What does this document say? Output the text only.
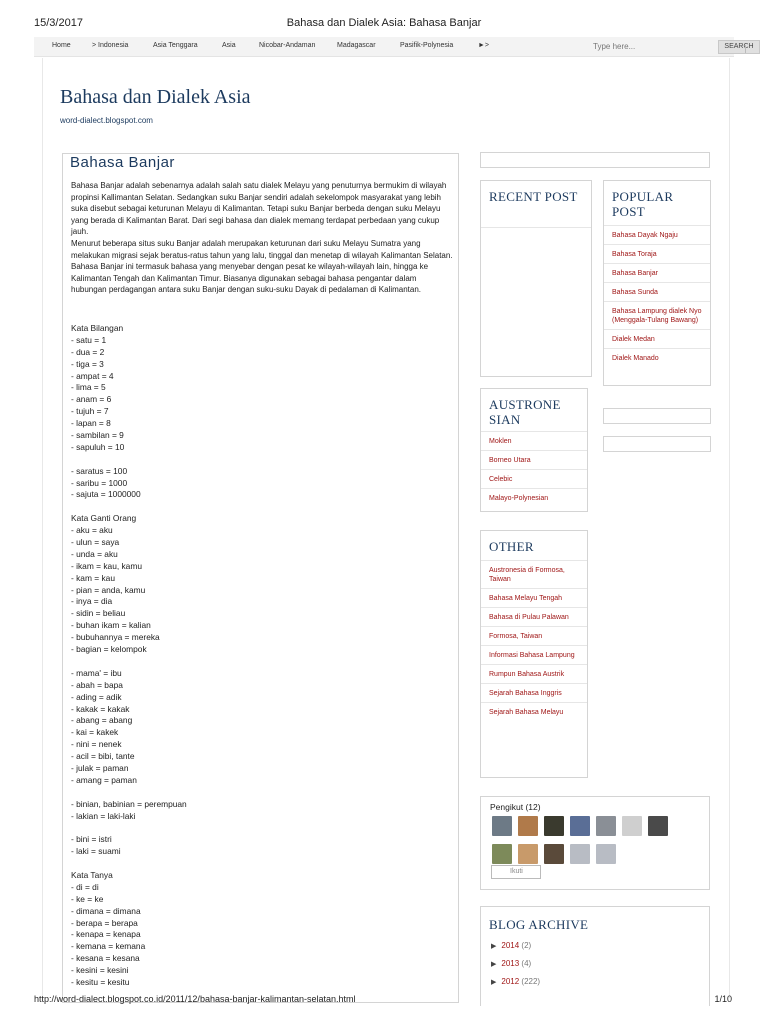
15/3/2017	Bahasa dan Dialek Asia: Bahasa Banjar
Home	> Indonesia	Asia Tenggara	Asia	Nicobar-Andaman	Madagascar	Pasifik-Polynesia	►>
Type here...	SEARCH
Bahasa dan Dialek Asia
word-dialect.blogspot.com
Bahasa Banjar

Bahasa Banjar adalah sebenarnya adalah salah satu dialek Melayu yang penuturnya bermukim di wilayah propinsi Kallimantan Selatan. Sedangkan suku Banjar sendiri adalah sekelompok masyarakat yang lebih suka disebut sebagai keturunan Melayu di Kalimantan. Tetapi suku Banjar berbeda dengan suku Melayu yang berada di Kalimantan Barat. Dari segi bahasa dan dialek memang terdapat perbedaan yang cukup jauh.

Menurut beberapa situs suku Banjar adalah merupakan keturunan dari suku Melayu Sumatra yang melakukan migrasi sejak beratus-ratus tahun yang lalu, tinggal dan menetap di wilayah Kalimantan Selatan. Bahasa Banjar ini termasuk bahasa yang menyebar dengan pesat ke wilayah-wilayah lain, hingga ke Kalimantan Tengah dan Kalimantan Timur. Biasanya digunakan sebagai bahasa pengantar dalam hubungan perdagangan antara suku Banjar dengan suku-suku Dayak di pedalaman di Kalimantan.

Kata Bilangan
- satu = 1
- dua = 2
- tiga = 3
- ampat = 4
- lima = 5
- anam = 6
- tujuh = 7
- lapan = 8
- sambilan = 9
- sapuluh = 10
- saratus = 100
- saribu = 1000
- sajuta = 1000000
Kata Ganti Orang
- aku = aku
- ulun = saya
- unda = aku
- ikam = kau, kamu
- kam = kau
- pian = anda, kamu
- inya = dia
- sidin = beliau
- buhan ikam = kalian
- bubuhannya = mereka
- bagian = kelompok
- mama' = ibu
- abah = bapa
- ading = adik
- kakak = kakak
- abang = abang
- kai = kakek
- nini = nenek
- acil = bibi, tante
- julak = paman
- amang = paman
- binian, babinian = perempuan
- lakian = laki-laki
- bini = istri
- laki = suami
Kata Tanya
- di = di
- ke = ke
- dimana = dimana
- berapa = berapa
- kenapa = kenapa
- kemana = kemana
- kesana = kesana
- kesini = kesini
- kesitu = kesitu
RECENT POST	POPULAR POST
Bahasa Dayak Ngaju
Bahasa Toraja
Bahasa Banjar
Bahasa Sunda
Bahasa Lampung dialek Nyo (Menggala-Tulang Bawang)
Dialek Medan
Dialek Manado
AUSTRONE SIAN
Moklen
Borneo Utara
Celebic
Malayo-Polynesian
OTHER
Austronesia di Formosa, Taiwan
Bahasa Melayu Tengah
Bahasa di Pulau Palawan
Formosa, Taiwan
Informasi Bahasa Lampung
Rumpun Bahasa Austrik
Sejarah Bahasa Inggris
Sejarah Bahasa Melayu
Pengikut (12)
Ikuti
BLOG ARCHIVE
▶ 2014 (2)
▶ 2013 (4)
▶ 2012 (222)
http://word-dialect.blogspot.co.id/2011/12/bahasa-banjar-kalimantan-selatan.html	1/10
